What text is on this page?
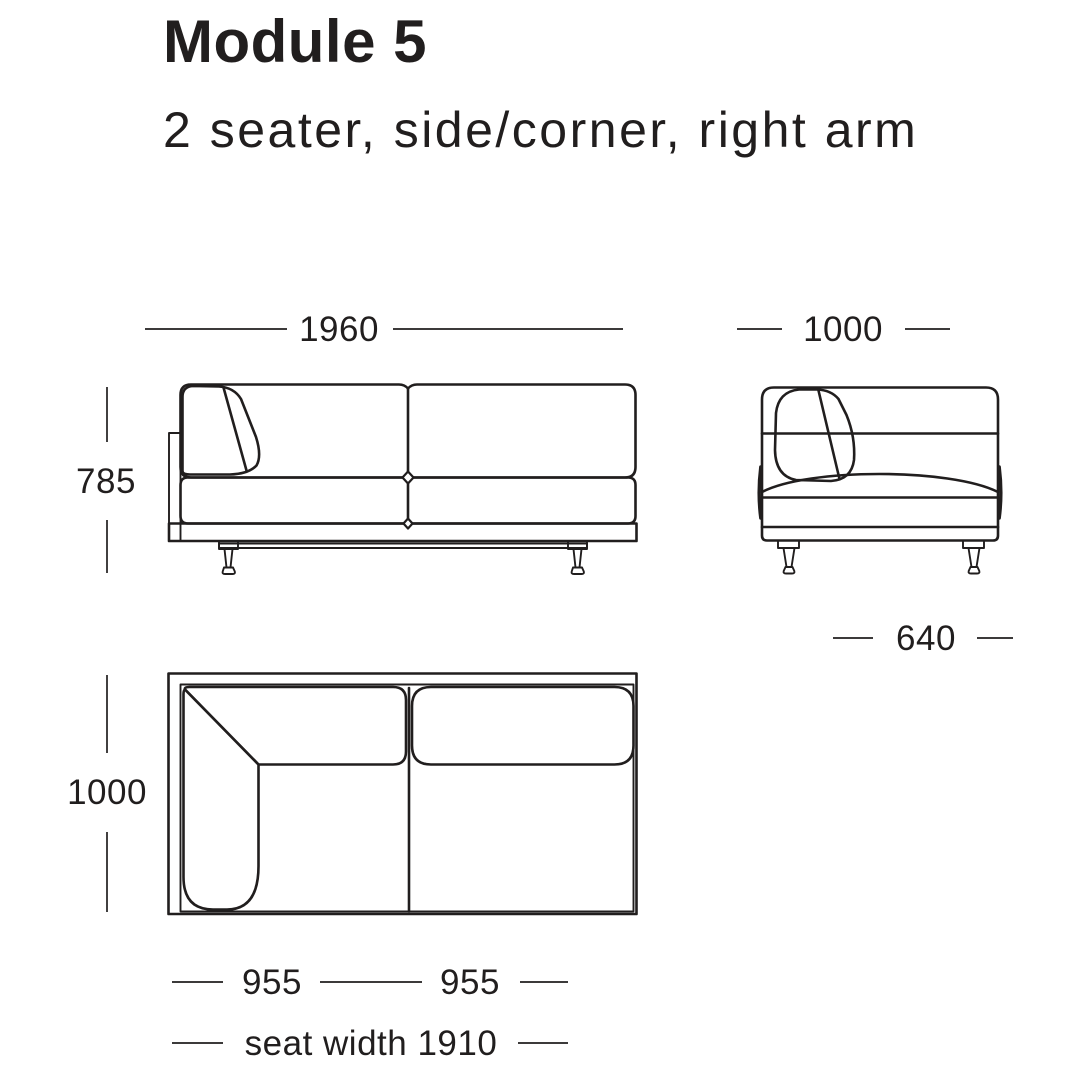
Module 5

2 seater, side/corner, right arm

1960
785
1000
640
1000
955	955
seat width 1910
